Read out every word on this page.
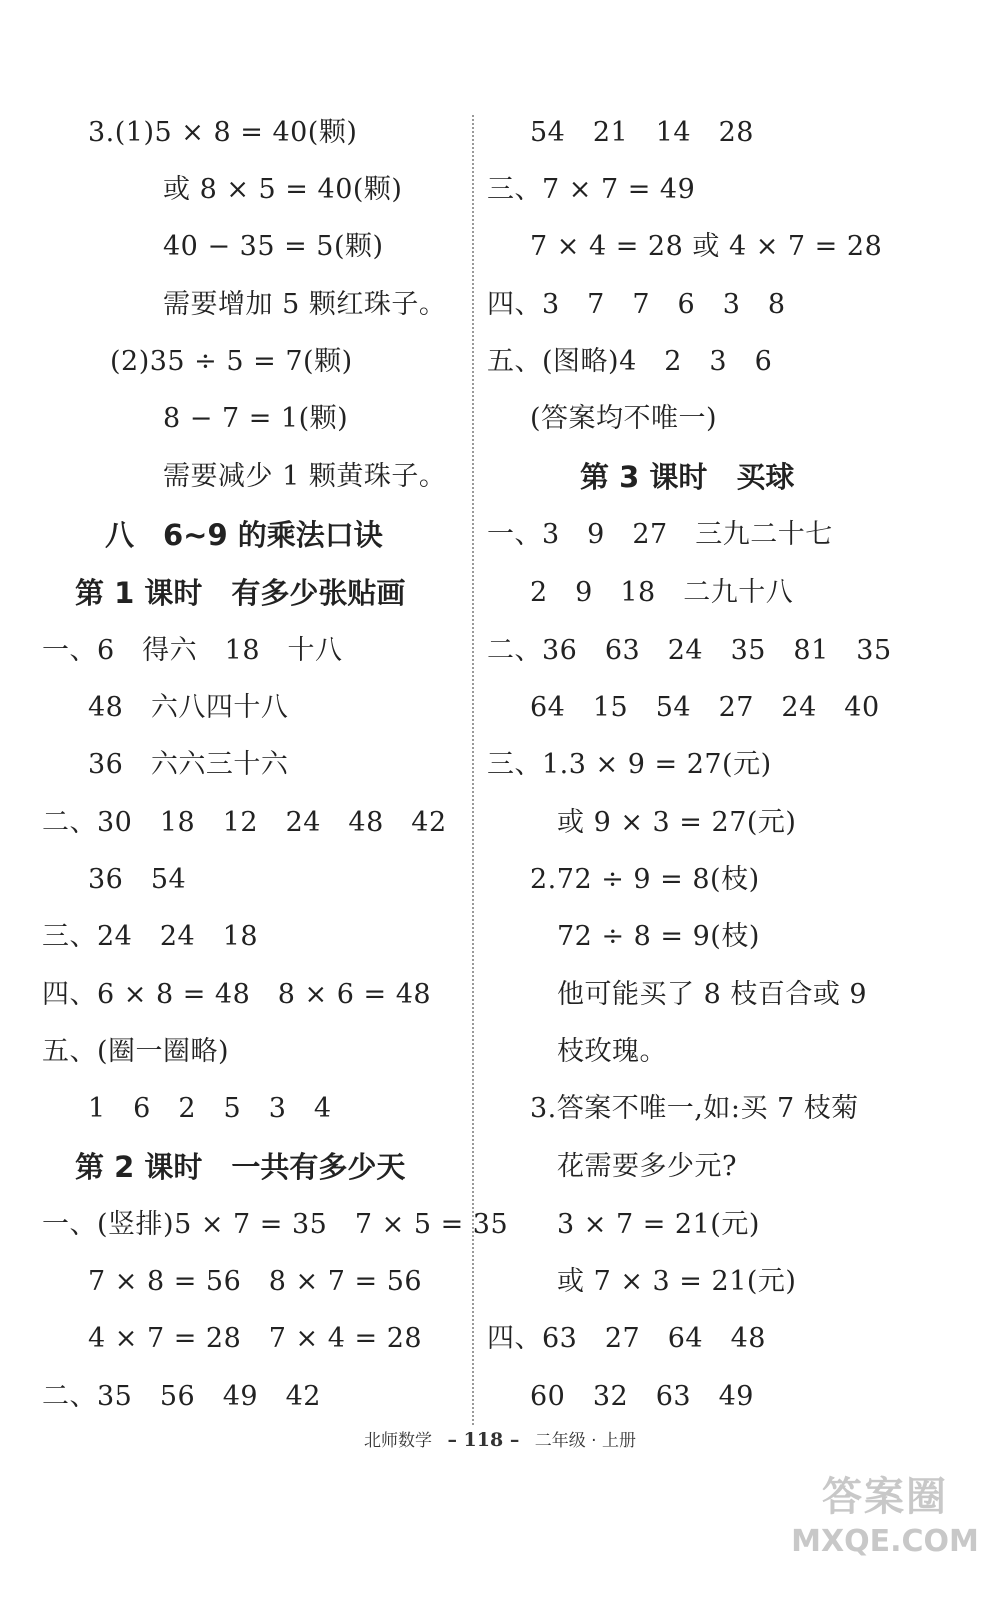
3.(1)5 × 8 = 40(颗)
或 8 × 5 = 40(颗)
40 − 35 = 5(颗)
需要增加 5 颗红珠子。
(2)35 ÷ 5 = 7(颗)
8 − 7 = 1(颗)
需要减少 1 颗黄珠子。
八　6~9 的乘法口诀
第 1 课时　有多少张贴画
一、6　得六　18　十八
48　六八四十八
36　六六三十六
二、30　18　12　24　48　42
36　54
三、24　24　18
四、6 × 8 = 48　8 × 6 = 48
五、(圈一圈略)
1　6　2　5　3　4
第 2 课时　一共有多少天
一、(竖排)5 × 7 = 35　7 × 5 = 35
7 × 8 = 56　8 × 7 = 56
4 × 7 = 28　7 × 4 = 28
二、35　56　49　42
54　21　14　28
三、7 × 7 = 49
7 × 4 = 28 或 4 × 7 = 28
四、3　7　7　6　3　8
五、(图略)4　2　3　6
(答案均不唯一)
第 3 课时　买球
一、3　9　27　三九二十七
2　9　18　二九十八
二、36　63　24　35　81　35
64　15　54　27　24　40
三、1.3 × 9 = 27(元)
或 9 × 3 = 27(元)
2.72 ÷ 9 = 8(枝)
72 ÷ 8 = 9(枝)
他可能买了 8 枝百合或 9
枝玫瑰。
3.答案不唯一,如:买 7 枝菊
花需要多少元?
3 × 7 = 21(元)
或 7 × 3 = 21(元)
四、63　27　64　48
60　32　63　49
北师数学 – 118 – 二年级 · 上册
答案圈
MXQE.COM
